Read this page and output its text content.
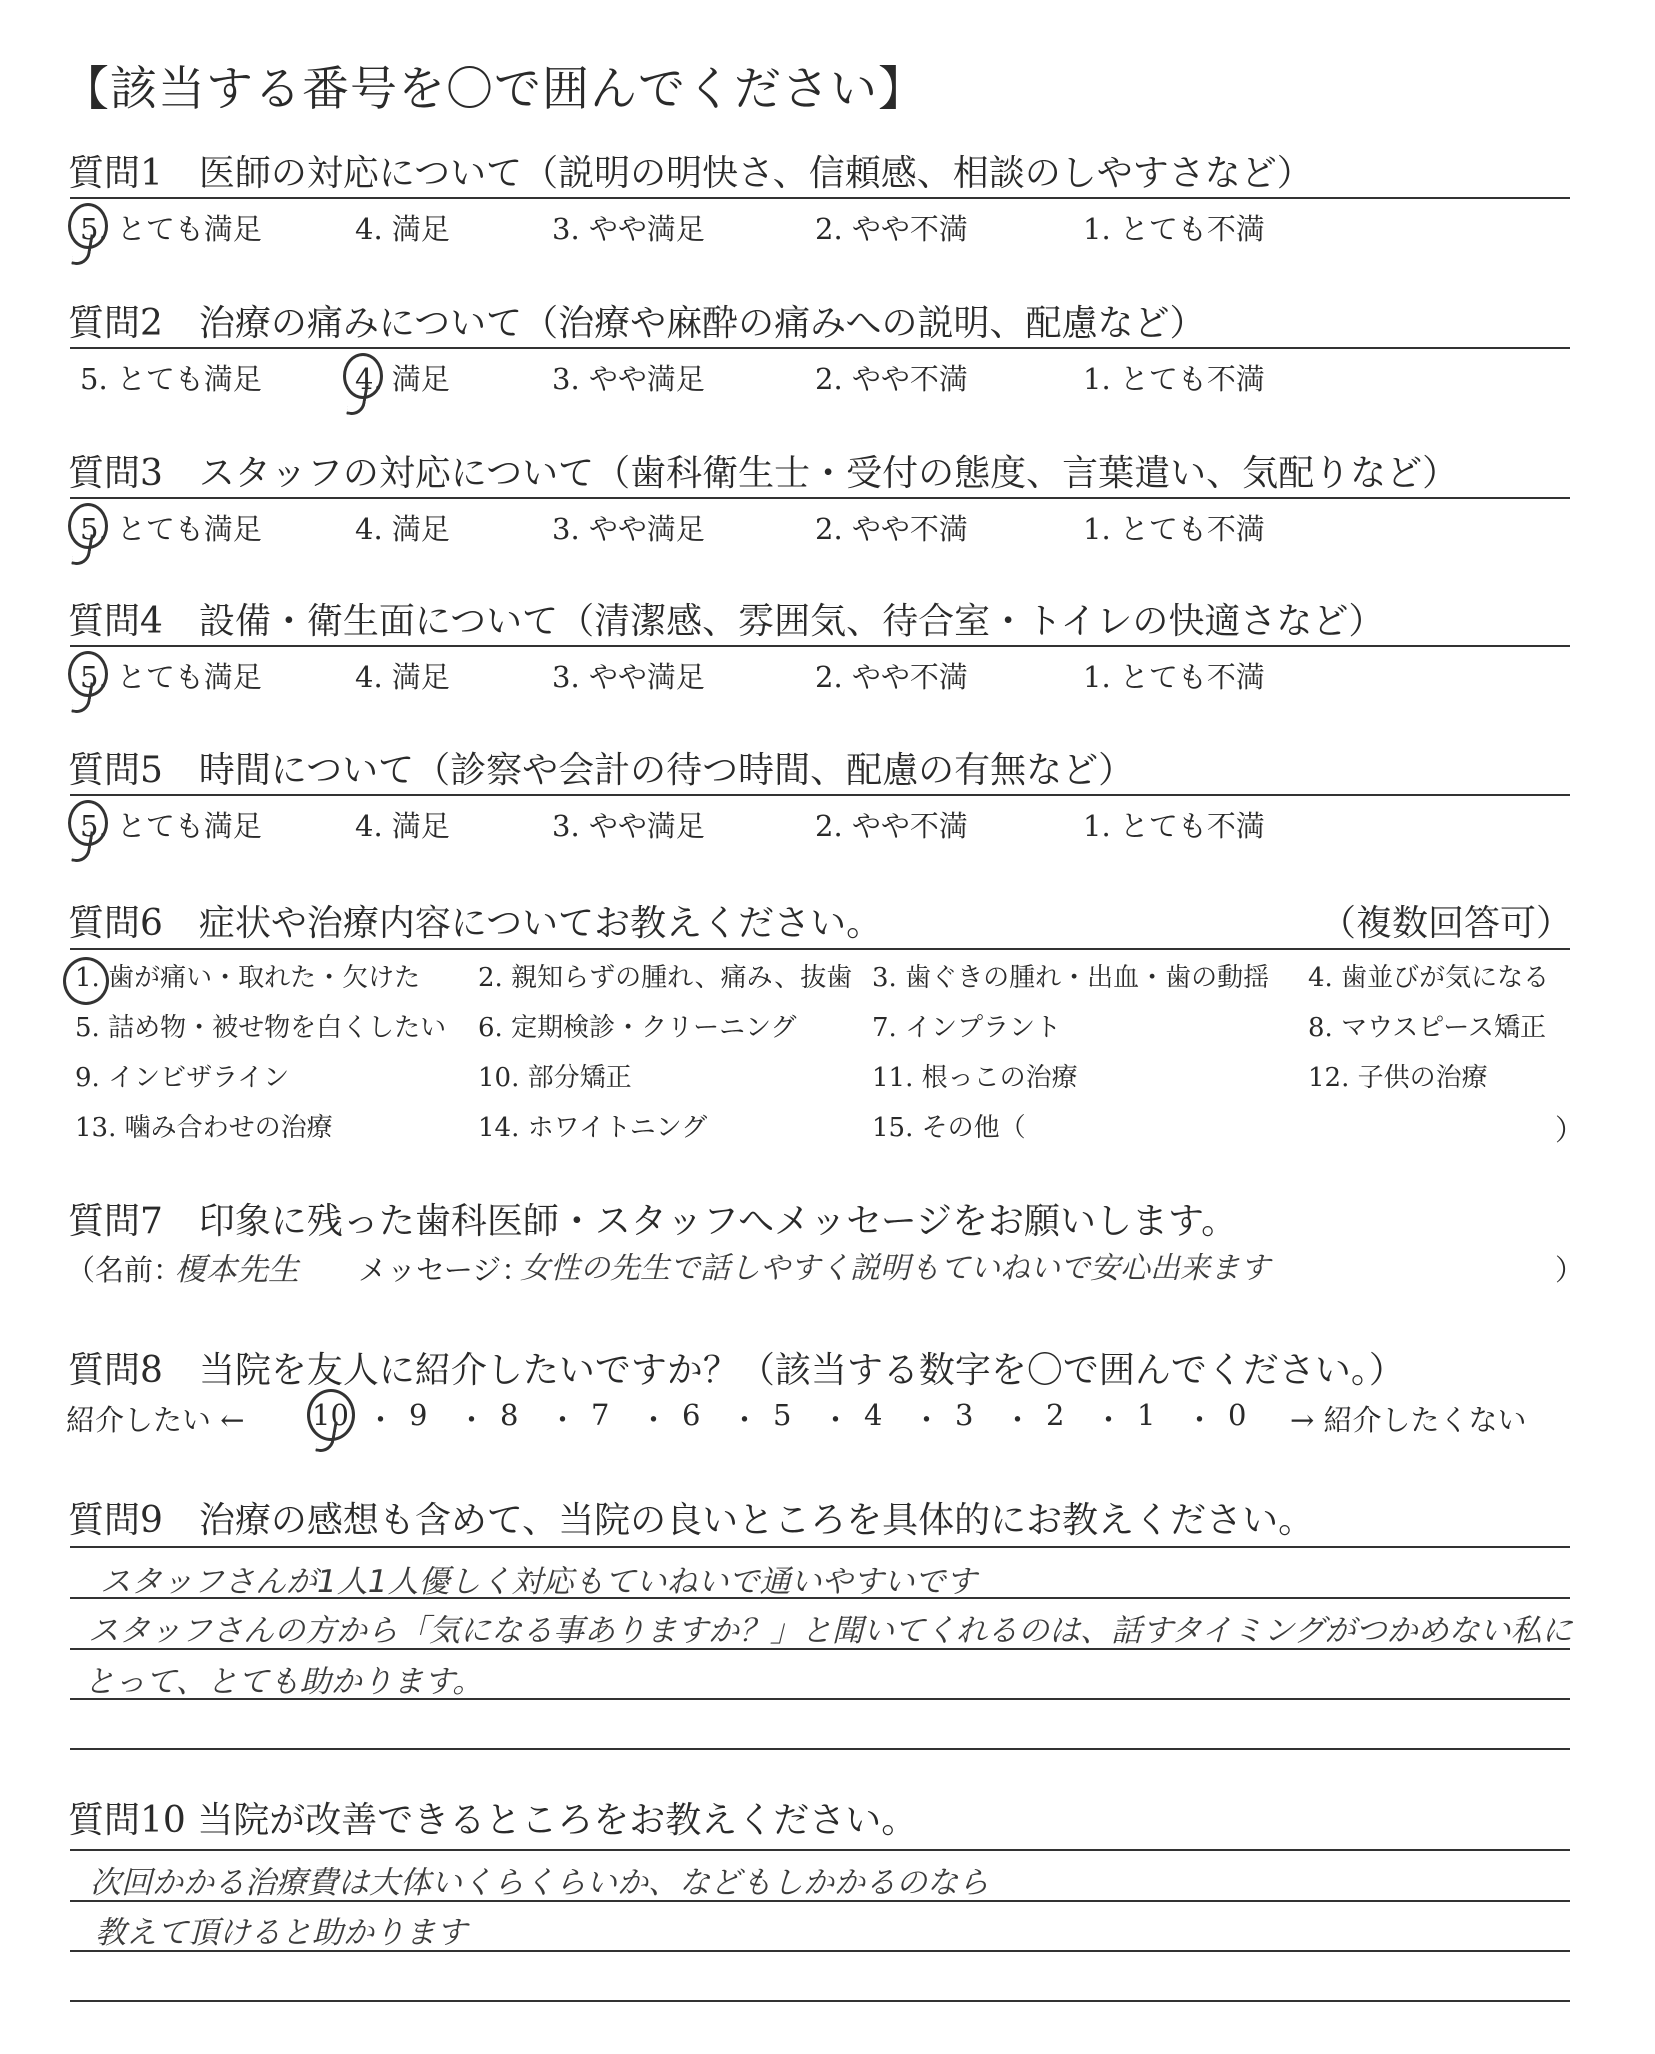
【該当する番号を〇で囲んでください】
質問1　医師の対応について（説明の明快さ、信頼感、相談のしやすさなど）
5. とても満足	4. 満足	3. やや満足	2. やや不満	1. とても不満
質問2　治療の痛みについて（治療や麻酔の痛みへの説明、配慮など）
5. とても満足	4. 満足	3. やや満足	2. やや不満	1. とても不満
質問3　スタッフの対応について（歯科衛生士・受付の態度、言葉遣い、気配りなど）
5. とても満足	4. 満足	3. やや満足	2. やや不満	1. とても不満
質問4　設備・衛生面について（清潔感、雰囲気、待合室・トイレの快適さなど）
5. とても満足	4. 満足	3. やや満足	2. やや不満	1. とても不満
質問5　時間について（診察や会計の待つ時間、配慮の有無など）
5. とても満足	4. 満足	3. やや満足	2. やや不満	1. とても不満
質問6　症状や治療内容についてお教えください。	（複数回答可）
1. 歯が痛い・取れた・欠けた 2. 親知らずの腫れ、痛み、抜歯 3. 歯ぐきの腫れ・出血・歯の動揺 4. 歯並びが気になる
5. 詰め物・被せ物を白くしたい 6. 定期検診・クリーニング	7. インプラント	8. マウスピース矯正
9. インビザライン	10. 部分矯正	11. 根っこの治療	12. 子供の治療
13. 噛み合わせの治療	14. ホワイトニング	15. その他（	）
質問7　印象に残った歯科医師・スタッフへメッセージをお願いします。
（名前：
榎本先生 メッセージ：
女性の先生で話しやすく説明もていねいで安心出来ます	）
質問8　当院を友人に紹介したいですか？（該当する数字を〇で囲んでください。）
紹介したい ←	→ 紹介したくない
10 ・ 9 ・ 8 ・ 7 ・ 6 ・ 5 ・ 4 ・ 3 ・ 2 ・ 1 ・ 0
質問9　治療の感想も含めて、当院の良いところを具体的にお教えください。
スタッフさんが1人1人優しく対応もていねいで通いやすいです
スタッフさんの方から「気になる事ありますか？」と聞いてくれるのは、話すタイミングがつかめない私に
とって、とても助かります。
質問10 当院が改善できるところをお教えください。
次回かかる治療費は大体いくらくらいか、などもしかかるのなら
教えて頂けると助かります
